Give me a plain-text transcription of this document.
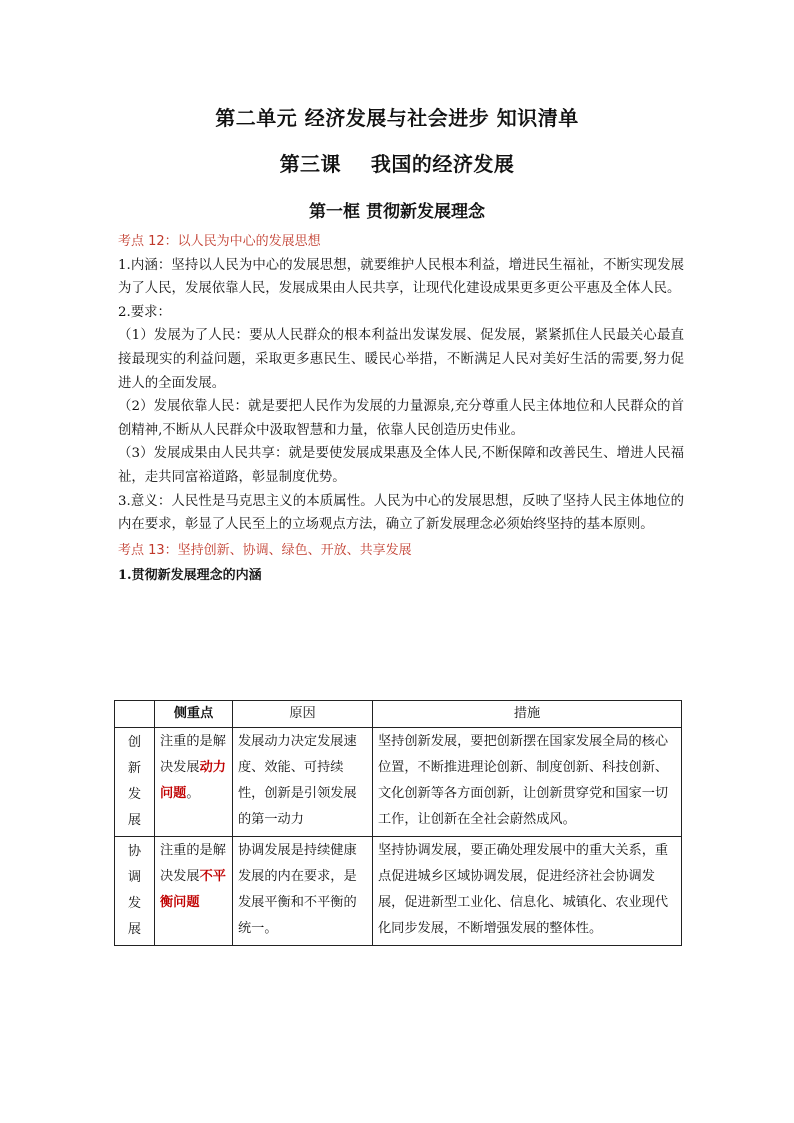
第二单元 经济发展与社会进步 知识清单
第三课    我国的经济发展
第一框 贯彻新发展理念

考点 12：以人民为中心的发展思想

1.内涵：坚持以人民为中心的发展思想，就要维护人民根本利益，增进民生福祉，不断实现发展为了人民，发展依靠人民，发展成果由人民共享，让现代化建设成果更多更公平惠及全体人民。

2.要求：

（1）发展为了人民：要从人民群众的根本利益出发谋发展、促发展，紧紧抓住人民最关心最直接最现实的利益问题，采取更多惠民生、暖民心举措，不断满足人民对美好生活的需要,努力促进人的全面发展。

（2）发展依靠人民：就是要把人民作为发展的力量源泉,充分尊重人民主体地位和人民群众的首创精神,不断从人民群众中汲取智慧和力量，依靠人民创造历史伟业。

（3）发展成果由人民共享：就是要使发展成果惠及全体人民,不断保障和改善民生、增进人民福祉，走共同富裕道路，彰显制度优势。

3.意义：人民性是马克思主义的本质属性。人民为中心的发展思想，反映了坚持人民主体地位的内在要求，彰显了人民至上的立场观点方法，确立了新发展理念必须始终坚持的基本原则。

考点 13：坚持创新、协调、绿色、开放、共享发展

1.贯彻新发展理念的内涵

	侧重点	原因	措施

创新发展	注重的是解决发展动力问题。	发展动力决定发展速度、效能、可持续性，创新是引领发展的第一动力	坚持创新发展，要把创新摆在国家发展全局的核心位置，不断推进理论创新、制度创新、科技创新、文化创新等各方面创新，让创新贯穿党和国家一切工作，让创新在全社会蔚然成风。

协调发展	注重的是解决发展不平衡问题	协调发展是持续健康发展的内在要求，是发展平衡和不平衡的统一。	坚持协调发展，要正确处理发展中的重大关系，重点促进城乡区域协调发展，促进经济社会协调发展，促进新型工业化、信息化、城镇化、农业现代化同步发展，不断增强发展的整体性。
